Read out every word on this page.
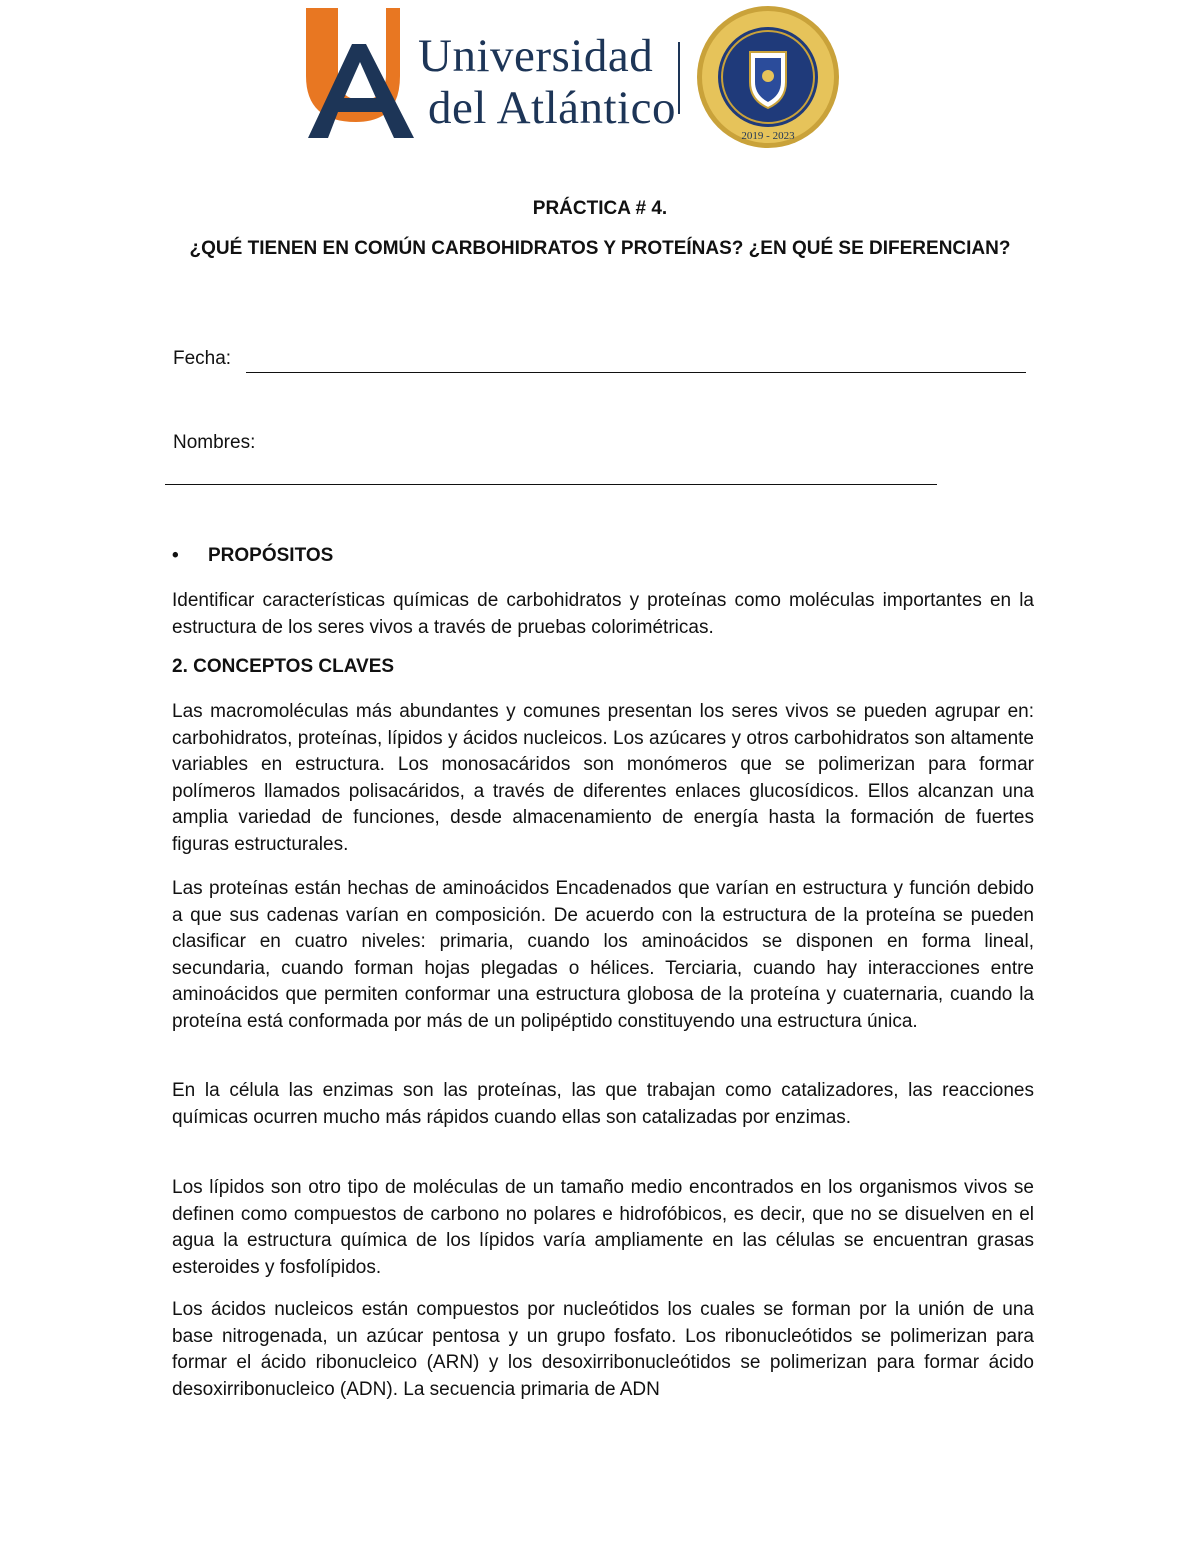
Universidad
del Atlántico
2019 - 2023
PRÁCTICA # 4.
¿QUÉ TIENEN EN COMÚN CARBOHIDRATOS Y PROTEÍNAS? ¿EN QUÉ SE DIFERENCIAN?
Fecha:
Nombres:
• PROPÓSITOS

Identificar características químicas de carbohidratos y proteínas como moléculas importantes en la estructura de los seres vivos a través de pruebas colorimétricas.

2. CONCEPTOS CLAVES

Las macromoléculas más abundantes y comunes presentan los seres vivos se pueden agrupar en: carbohidratos, proteínas, lípidos y ácidos nucleicos. Los azúcares y otros carbohidratos son altamente variables en estructura. Los monosacáridos son monómeros que se polimerizan para formar polímeros llamados polisacáridos, a través de diferentes enlaces glucosídicos. Ellos alcanzan una amplia variedad de funciones, desde almacenamiento de energía hasta la formación de fuertes figuras estructurales.

Las proteínas están hechas de aminoácidos Encadenados que varían en estructura y función debido a que sus cadenas varían en composición. De acuerdo con la estructura de la proteína se pueden clasificar en cuatro niveles: primaria, cuando los aminoácidos se disponen en forma lineal, secundaria, cuando forman hojas plegadas o hélices. Terciaria, cuando hay interacciones entre aminoácidos que permiten conformar una estructura globosa de la proteína y cuaternaria, cuando la proteína está conformada por más de un polipéptido constituyendo una estructura única.

En la célula las enzimas son las proteínas, las que trabajan como catalizadores, las reacciones químicas ocurren mucho más rápidos cuando ellas son catalizadas por enzimas.

Los lípidos son otro tipo de moléculas de un tamaño medio encontrados en los organismos vivos se definen como compuestos de carbono no polares e hidrofóbicos, es decir, que no se disuelven en el agua la estructura química de los lípidos varía ampliamente en las células se encuentran grasas esteroides y fosfolípidos.

Los ácidos nucleicos están compuestos por nucleótidos los cuales se forman por la unión de una base nitrogenada, un azúcar pentosa y un grupo fosfato. Los ribonucleótidos se polimerizan para formar el ácido ribonucleico (ARN) y los desoxirribonucleótidos se polimerizan para formar ácido desoxirribonucleico (ADN). La secuencia primaria de ADN
